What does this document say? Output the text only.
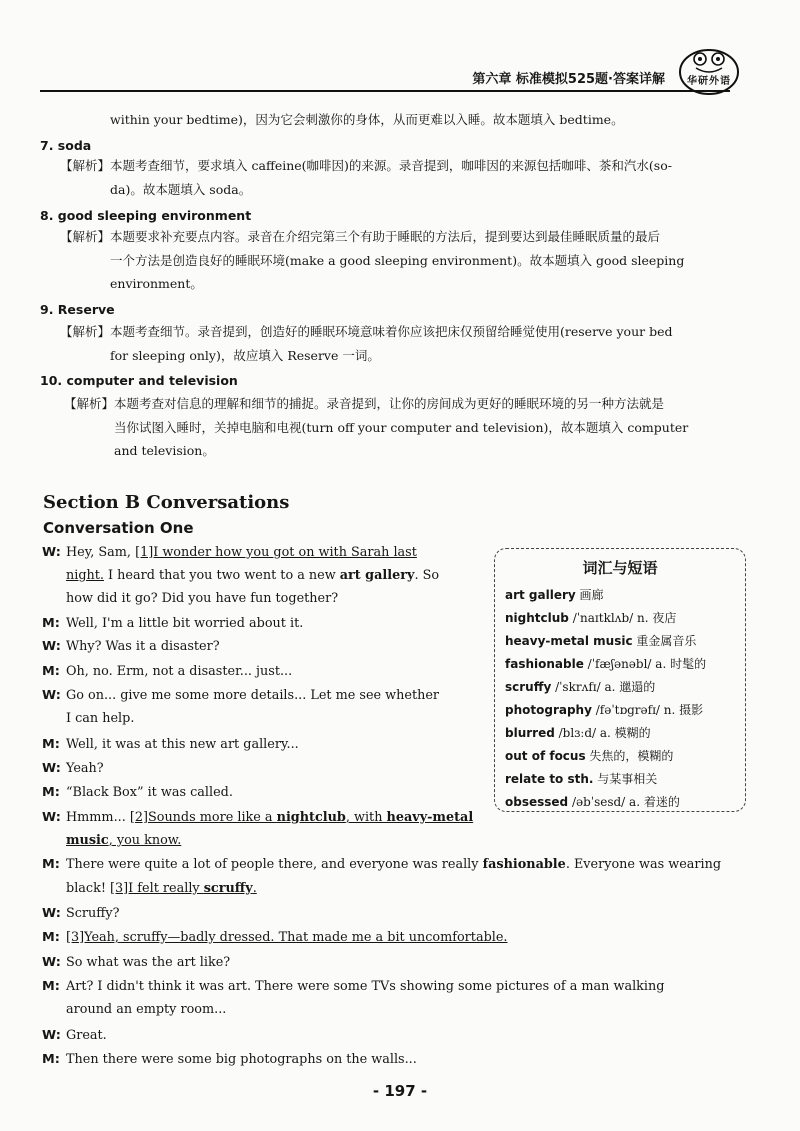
第六章 标准模拟525题·答案详解	华研外语
within your bedtime)，因为它会刺激你的身体，从而更难以入睡。故本题填入 bedtime。
7. soda
【解析】本题考查细节，要求填入 caffeine(咖啡因)的来源。录音提到，咖啡因的来源包括咖啡、茶和汽水(so-
da)。故本题填入 soda。
8. good sleeping environment
【解析】本题要求补充要点内容。录音在介绍完第三个有助于睡眠的方法后，提到要达到最佳睡眠质量的最后
一个方法是创造良好的睡眠环境(make a good sleeping environment)。故本题填入 good sleeping
environment。
9. Reserve
【解析】本题考查细节。录音提到，创造好的睡眠环境意味着你应该把床仅预留给睡觉使用(reserve your bed
for sleeping only)，故应填入 Reserve 一词。
10. computer and television
【解析】本题考查对信息的理解和细节的捕捉。录音提到，让你的房间成为更好的睡眠环境的另一种方法就是
当你试图入睡时，关掉电脑和电视(turn off your computer and television)，故本题填入 computer
and television。
Section B Conversations
Conversation One
W: Hey, Sam, [1]I wonder how you got on with Sarah last
night. I heard that you two went to a new art gallery. So
how did it go? Did you have fun together?
M: Well, I'm a little bit worried about it.
W: Why? Was it a disaster?
M: Oh, no. Erm, not a disaster... just...
W: Go on... give me some more details... Let me see whether
I can help.
M: Well, it was at this new art gallery...
W: Yeah?
M: “Black Box” it was called.
W: Hmmm... [2]Sounds more like a nightclub, with heavy-metal
music, you know.
M: There were quite a lot of people there, and everyone was really fashionable. Everyone was wearing
black! [3]I felt really scruffy.
W: Scruffy?
M: [3]Yeah, scruffy—badly dressed. That made me a bit uncomfortable.
W: So what was the art like?
M: Art? I didn't think it was art. There were some TVs showing some pictures of a man walking
around an empty room...
W: Great.
M: Then there were some big photographs on the walls...
词汇与短语
art gallery 画廊
nightclub /ˈnaɪtklʌb/ n. 夜店
heavy-metal music 重金属音乐
fashionable /ˈfæʃənəbl/ a. 时髦的
scruffy /ˈskrʌfɪ/ a. 邋遢的
photography /fəˈtɒgrəfɪ/ n. 摄影
blurred /blɜːd/ a. 模糊的
out of focus 失焦的，模糊的
relate to sth. 与某事相关
obsessed /əbˈsesd/ a. 着迷的
- 197 -
